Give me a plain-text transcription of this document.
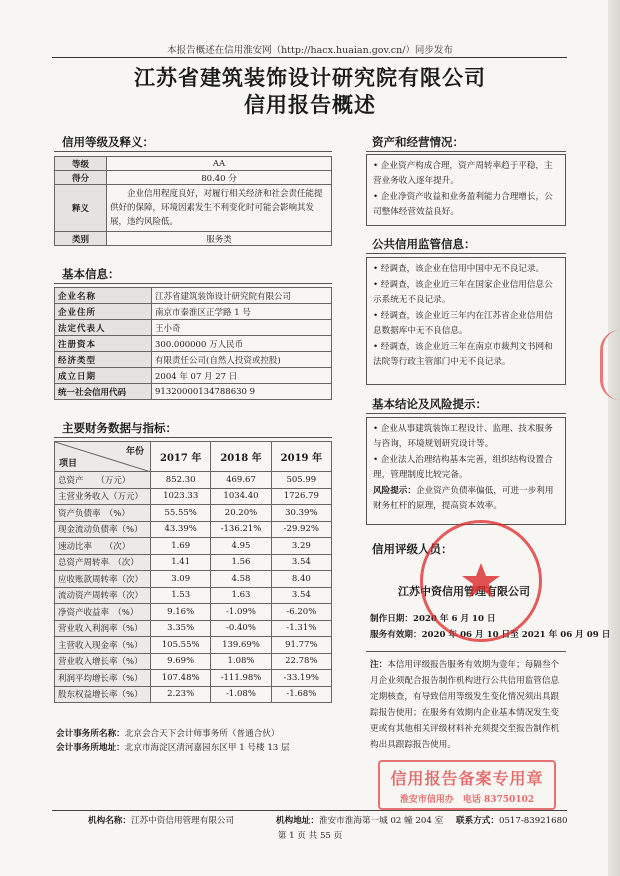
本报告概述在信用淮安网（http://hacx.huaian.gov.cn/）同步发布
江苏省建筑装饰设计研究院有限公司
信用报告概述
信用等级及释义：
等级	AA
得分	80.40 分
释义	企业信用程度良好，对履行相关经济和社会责任能提供好的保障，环境因素发生不利变化时可能会影响其发展，违约风险低。
类别	服务类
基本信息：
企业名称	江苏省建筑装饰设计研究院有限公司
企业住所	南京市秦淮区正学路 1 号
法定代表人	王小奇
注册资本	300.000000 万人民币
经济类型	有限责任公司(自然人投资或控股)
成立日期	2004 年 07 月 27 日
统一社会信用代码	91320000134788630 9
主要财务数据与指标：
年份
项目	2017 年	2018 年	2019 年
总资产　　（万元）	852.30	469.67	505.99
主营业务收入（万元）	1023.33	1034.40	1726.79
资产负债率　（%）	55.55%	20.20%	30.39%
现金流动负债率（%）	43.39%	-136.21%	-29.92%
速动比率　　（次）	1.69	4.95	3.29
总资产周转率　（次）	1.41	1.56	3.54
应收账款周转率（次）	3.09	4.58	8.40
流动资产周转率（次）	1.53	1.63	3.54
净资产收益率　（%）	9.16%	-1.09%	-6.20%
营业收入利润率（%）	3.35%	-0.40%	-1.31%
主营收入现金率（%）	105.55%	139.69%	91.77%
营业收入增长率（%）	9.69%	1.08%	22.78%
利润平均增长率（%）	107.48%	-111.98%	-33.19%
股东权益增长率（%）	2.23%	-1.08%	-1.68%
会计事务所名称：北京会合天下会计师事务所（普通合伙）
会计事务所地址：北京市海淀区清河嘉园东区甲 1 号楼 13 层
资产和经营情况：

• 企业资产构成合理，资产周转率趋于平稳，主营业务收入逐年提升。

• 企业净资产收益和业务盈利能力合理增长，公司整体经营效益良好。

公共信用监管信息：

• 经调查，该企业在信用中国中无不良记录。

• 经调查，该企业近三年在国家企业信用信息公示系统无不良记录。

• 经调查，该企业近三年内在江苏省企业信用信息数据库中无不良信息。

• 经调查，该企业近三年在南京市裁判文书网和法院等行政主管部门中无不良记录。

基本结论及风险提示：

• 企业从事建筑装饰工程设计、监理、技术服务与咨询，环境规划研究设计等。

• 企业法人治理结构基本完善，组织结构设置合理，管理制度比较完备。

风险提示：企业资产负债率偏低，可进一步利用财务杠杆的原理，提高资本效率。

信用评级人员：
江苏中资信用管理有限公司
制作日期：2020 年 6 月 10 日
服务有效期：2020 年 06 月 10 日至 2021 年 06 月 09 日
注：本信用评级报告服务有效期为壹年；每隔叁个月企业须配合报告制作机构进行公共信用监管信息定期核查，有导致信用等级发生变化情况须出具跟踪报告使用；在服务有效期内企业基本情况发生变更或有其他相关评级材料补充须提交至报告制作机构出具跟踪报告使用。
信用报告备案专用章
淮安市信用办　电话 83750102
机构名称：江苏中资信用管理有限公司	机构地址：淮安市淮海第一城 02 幢 204 室 联系方式：0517-83921680
第 1 页 共 55 页
